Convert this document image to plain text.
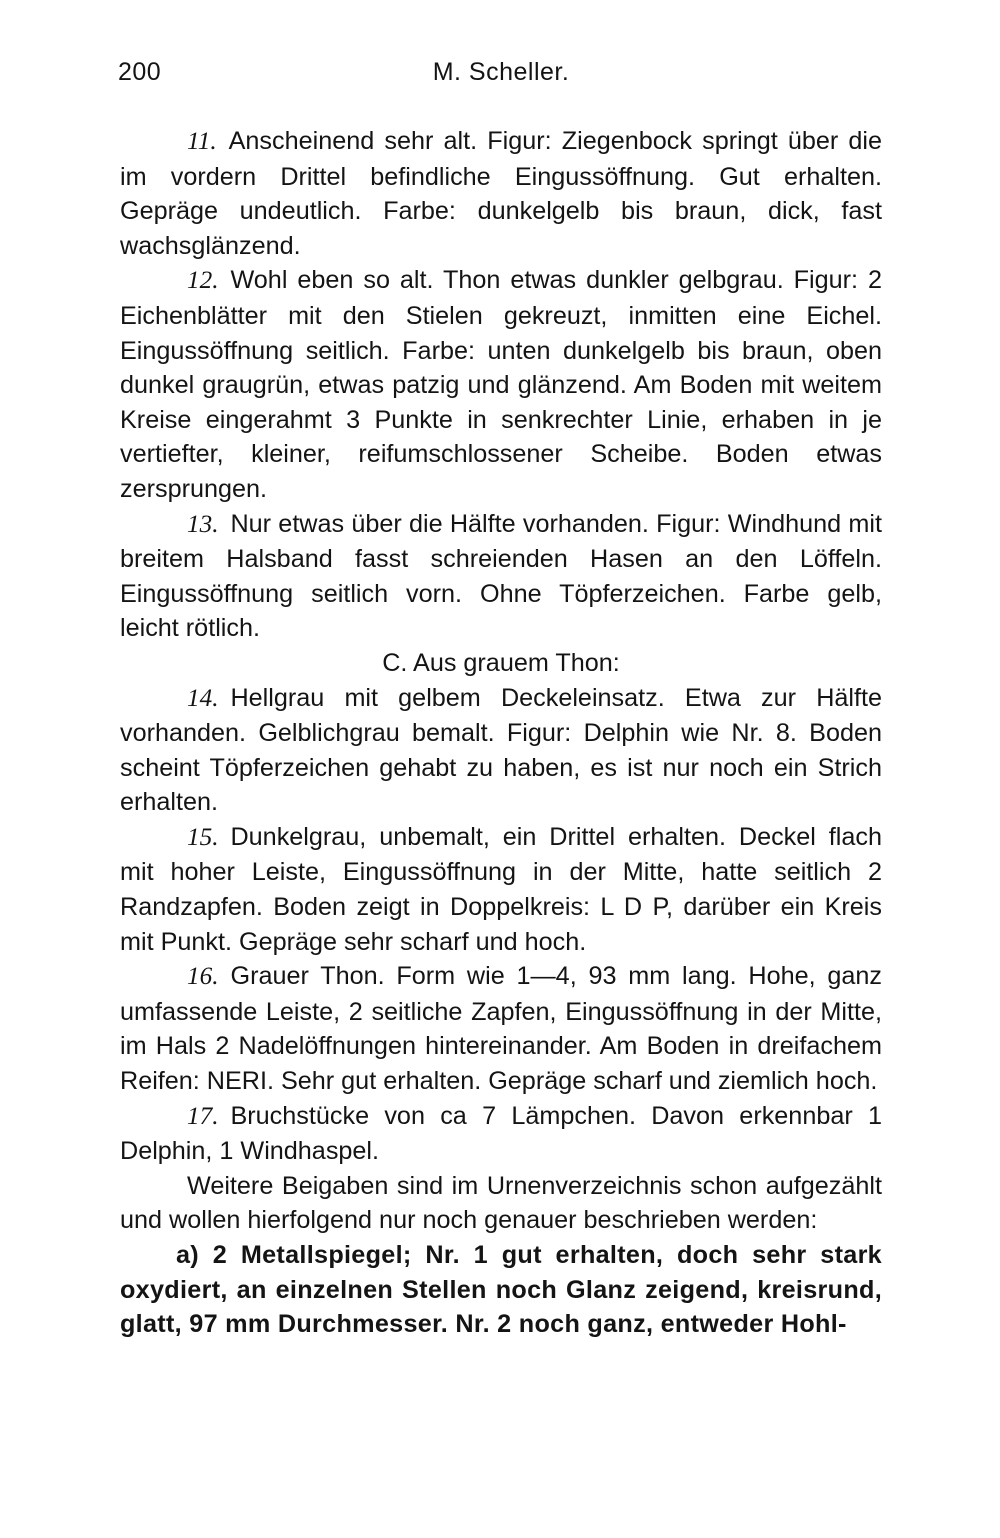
200	M. Scheller.

11. Anscheinend sehr alt. Figur: Ziegenbock springt über die im vordern Drittel befindliche Eingussöffnung. Gut erhalten. Gepräge undeutlich. Farbe: dunkelgelb bis braun, dick, fast wachsglänzend.

12. Wohl eben so alt. Thon etwas dunkler gelbgrau. Figur: 2 Eichenblätter mit den Stielen gekreuzt, inmitten eine Eichel. Eingussöffnung seitlich. Farbe: unten dunkelgelb bis braun, oben dunkel graugrün, etwas patzig und glänzend. Am Boden mit weitem Kreise eingerahmt 3 Punkte in senkrechter Linie, erhaben in je vertiefter, kleiner, reifumschlossener Scheibe. Boden etwas zersprungen.

13. Nur etwas über die Hälfte vorhanden. Figur: Windhund mit breitem Halsband fasst schreienden Hasen an den Löffeln. Eingussöffnung seitlich vorn. Ohne Töpferzeichen. Farbe gelb, leicht rötlich.

C. Aus grauem Thon:

14. Hellgrau mit gelbem Deckeleinsatz. Etwa zur Hälfte vorhanden. Gelblichgrau bemalt. Figur: Delphin wie Nr. 8. Boden scheint Töpferzeichen gehabt zu haben, es ist nur noch ein Strich erhalten.

15. Dunkelgrau, unbemalt, ein Drittel erhalten. Deckel flach mit hoher Leiste, Eingussöffnung in der Mitte, hatte seitlich 2 Randzapfen. Boden zeigt in Doppelkreis: L D P, darüber ein Kreis mit Punkt. Gepräge sehr scharf und hoch.

16. Grauer Thon. Form wie 1—4, 93 mm lang. Hohe, ganz umfassende Leiste, 2 seitliche Zapfen, Eingussöffnung in der Mitte, im Hals 2 Nadelöffnungen hintereinander. Am Boden in dreifachem Reifen: NERI. Sehr gut erhalten. Gepräge scharf und ziemlich hoch.

17. Bruchstücke von ca 7 Lämpchen. Davon erkennbar 1 Delphin, 1 Windhaspel.

Weitere Beigaben sind im Urnenverzeichnis schon aufgezählt und wollen hierfolgend nur noch genauer beschrieben werden:

a) 2 Metallspiegel; Nr. 1 gut erhalten, doch sehr stark oxydiert, an einzelnen Stellen noch Glanz zeigend, kreisrund, glatt, 97 mm Durchmesser. Nr. 2 noch ganz, entweder Hohl-
